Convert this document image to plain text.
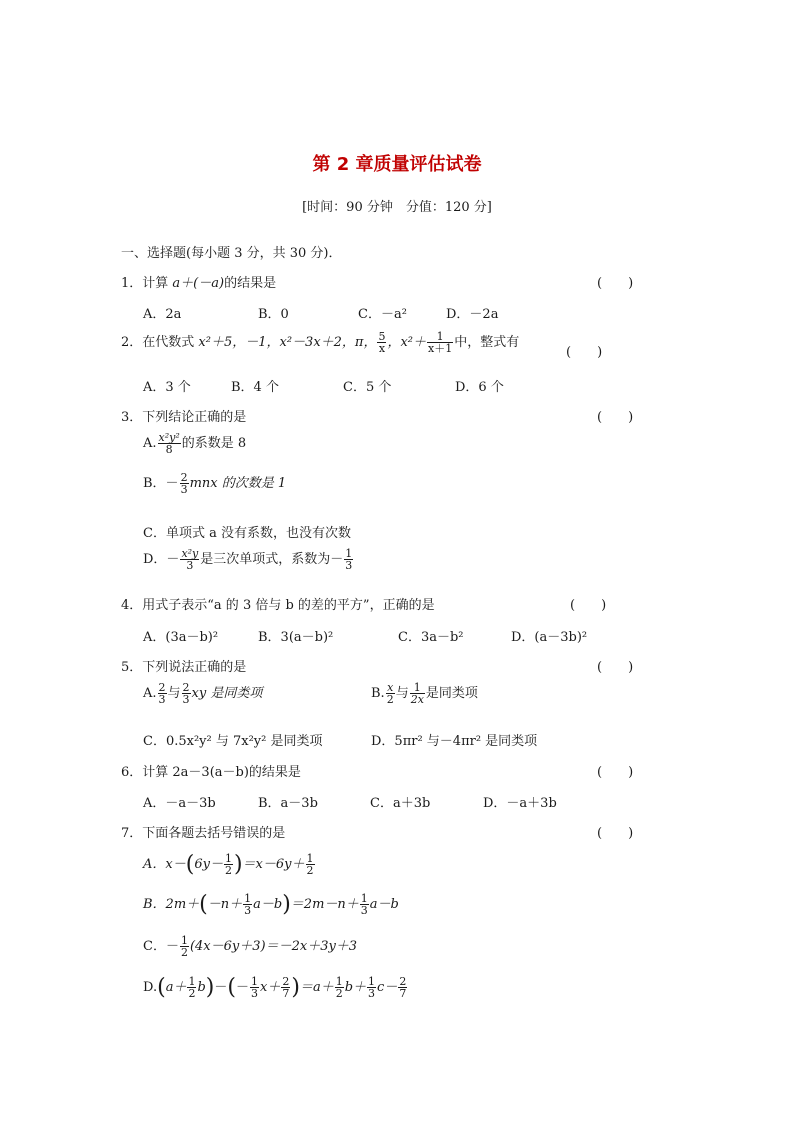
第 2 章质量评估试卷
[时间：90 分钟　分值：120 分]
一、选择题(每小题 3 分，共 30 分)．
1．计算 a＋(－a)的结果是	(　　)
A．2a	B．0	C．－a²	D．－2a
2．在代数式 x²＋5，－1，x²－3x＋2，π， $\frac{5}{x}$ ，$x^2+ \frac{1}{x+1}$ 中，整式有
(　　)
A．3 个	B．4 个	C．5 个	D．6 个
3．下列结论正确的是	(　　)
A. $\frac{\text{x²y²}}{8}$ 的系数是 8
B．－ $\frac{2}{3}$ mnx 的次数是 1
C．单项式 a 没有系数，也没有次数
D．－ $\frac{\text{x²y}}{3}$ 是三次单项式，系数为－ $\frac{1}{3}$
4．用式子表示“a 的 3 倍与 b 的差的平方”，正确的是	(　　)
A．(3a－b)²	B．3(a－b)²	C．3a－b²	D．(a－3b)²
5．下列说法正确的是	(　　)
A. $\frac{2}{3}$ 与 $\frac{2}{3}$ xy 是同类项	B. $\frac{x}{2}$ 与 $\frac{1}{2x}$ 是同类项
C．0.5x²y² 与 7x²y² 是同类项	D．5πr² 与－4πr² 是同类项
6．计算 2a－3(a－b)的结果是	(　　)
A．－a－3b	B．a－3b	C．a＋3b	D．－a＋3b
7．下面各题去括号错误的是	(　　)
A．$x-(6y- \frac{1}{2} )=x-6y+ \frac{1}{2}$
B．$2m+(-n+ \frac{1}{3} a-b)=2m-n+ \frac{1}{3} a-b$
C．－ $\frac{1}{2} (4x-6y+3)=-2x+3y+3$
$D.(a+ \frac{1}{2} b)-(- \frac{1}{3} x+ \frac{2}{7} )=a+ \frac{1}{2} b+ \frac{1}{3} c- \frac{2}{7}$
